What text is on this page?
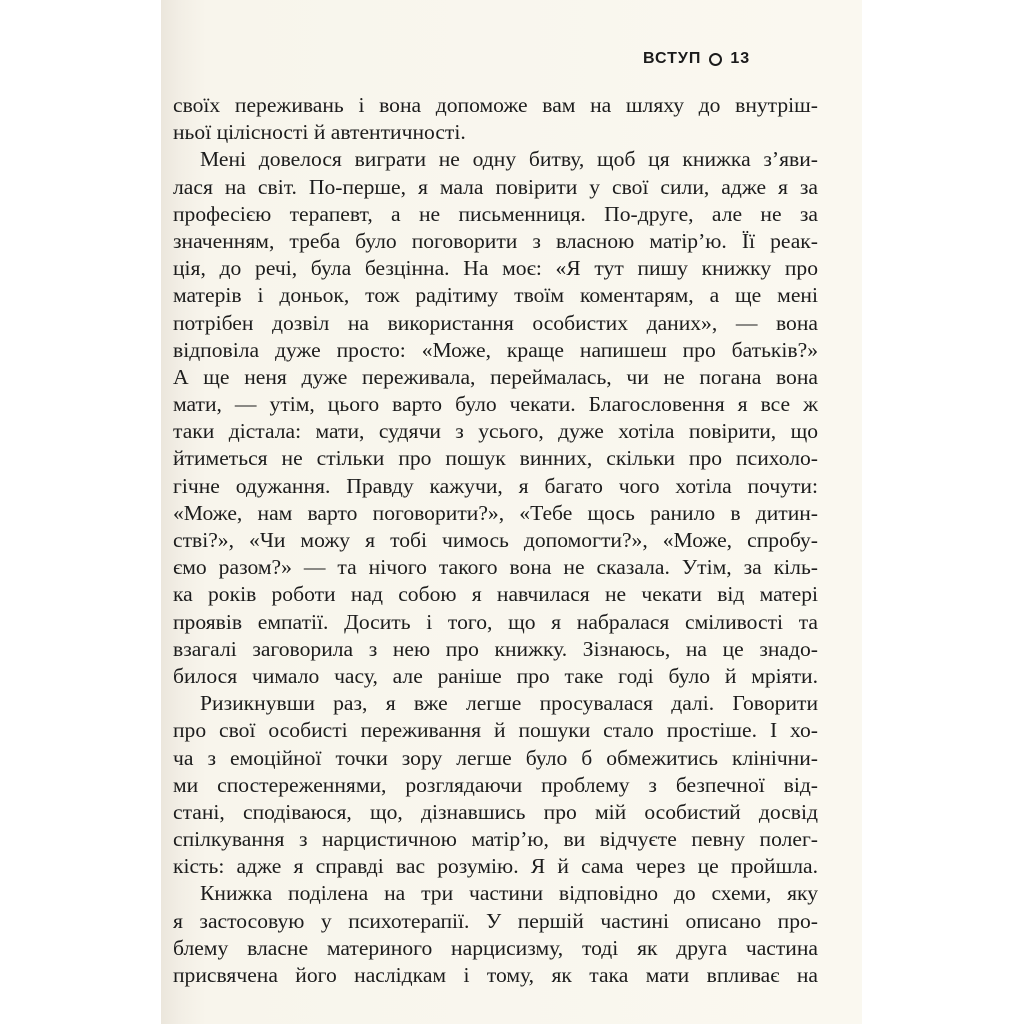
ВСТУП 13
своїх переживань і вона допоможе вам на шляху до внутріш-
ньої цілісності й автентичності.
Мені довелося виграти не одну битву, щоб ця книжка з’яви-
лася на світ. По-перше, я мала повірити у свої сили, адже я за
професією терапевт, а не письменниця. По-друге, але не за
значенням, треба було поговорити з власною матір’ю. Її реак-
ція, до речі, була безцінна. На моє: «Я тут пишу книжку про
матерів і доньок, тож радітиму твоїм коментарям, а ще мені
потрібен дозвіл на використання особистих даних», — вона
відповіла дуже просто: «Може, краще напишеш про батьків?»
А ще неня дуже переживала, переймалась, чи не погана вона
мати, — утім, цього варто було чекати. Благословення я все ж
таки дістала: мати, судячи з усього, дуже хотіла повірити, що
йтиметься не стільки про пошук винних, скільки про психоло-
гічне одужання. Правду кажучи, я багато чого хотіла почути:
«Може, нам варто поговорити?», «Тебе щось ранило в дитин-
стві?», «Чи можу я тобі чимось допомогти?», «Може, спробу-
ємо разом?» — та нічого такого вона не сказала. Утім, за кіль-
ка років роботи над собою я навчилася не чекати від матері
проявів емпатії. Досить і того, що я набралася сміливості та
взагалі заговорила з нею про книжку. Зізнаюсь, на це знадо-
билося чимало часу, але раніше про таке годі було й мріяти.
Ризикнувши раз, я вже легше просувалася далі. Говорити
про свої особисті переживання й пошуки стало простіше. І хо-
ча з емоційної точки зору легше було б обмежитись клінічни-
ми спостереженнями, розглядаючи проблему з безпечної від-
стані, сподіваюся, що, дізнавшись про мій особистий досвід
спілкування з нарцистичною матір’ю, ви відчуєте певну полег-
кість: адже я справді вас розумію. Я й сама через це пройшла.
Книжка поділена на три частини відповідно до схеми, яку
я застосовую у психотерапії. У першій частині описано про-
блему власне материного нарцисизму, тоді як друга частина
присвячена його наслідкам і тому, як така мати впливає на
